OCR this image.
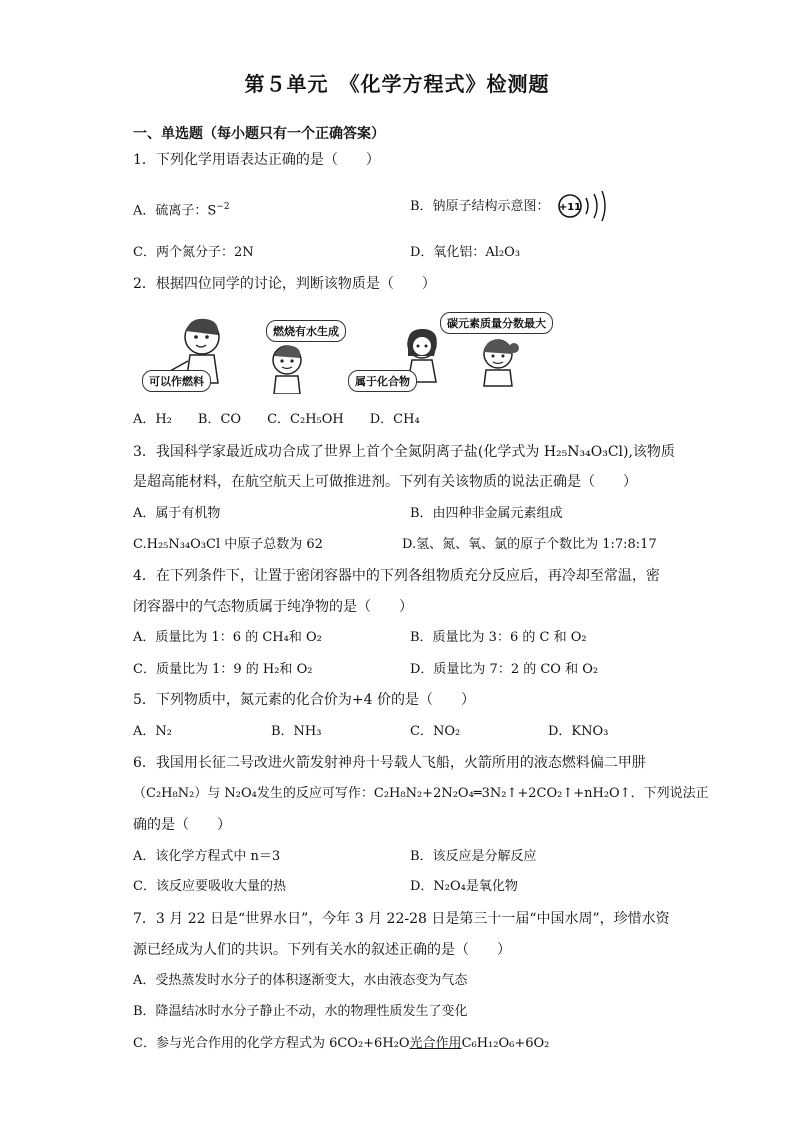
第５单元　《化学方程式》检测题
一、单选题（每小题只有一个正确答案）
1．下列化学用语表达正确的是（　　）
A．硫离子：$S^{-2}$	B．钠原子结构示意图： +11
C．两个氮分子：2N	D．氧化铝：Al₂O₃
2．根据四位同学的讨论，判断该物质是（　　）
可以作燃料
燃烧有水生成
属于化合物
碳元素质量分数最大
A．H₂　　B．CO　　C．C₂H₅OH　　D．CH₄
3．我国科学家最近成功合成了世界上首个全氮阴离子盐(化学式为 H₂₅N₃₄O₃Cl),该物质
是超高能材料，在航空航天上可做推进剂。下列有关该物质的说法正确是（　　）
A．属于有机物	B．由四种非金属元素组成
C.H₂₅N₃₄O₃Cl 中原子总数为 62	D.氢、氮、氧、氯的原子个数比为 1:7:8:17
4．在下列条件下，让置于密闭容器中的下列各组物质充分反应后，再冷却至常温，密
闭容器中的气态物质属于纯净物的是（　　）
A．质量比为 1：6 的 CH₄和 O₂	B．质量比为 3：6 的 C 和 O₂
C．质量比为 1：9 的 H₂和 O₂	D．质量比为 7：2 的 CO 和 O₂
5．下列物质中，氮元素的化合价为+4 价的是（　　）
A．N₂	B．NH₃	C．NO₂	D．KNO₃
6．我国用长征二号改进火箭发射神舟十号载人飞船，火箭所用的液态燃料偏二甲肼
（C₂H₈N₂）与 N₂O₄发生的反应可写作：C₂H₈N₂+2N₂O₄═3N₂↑+2CO₂↑+nH₂O↑．下列说法正
确的是（　　）
A．该化学方程式中 n＝3	B．该反应是分解反应
C．该反应要吸收大量的热	D．N₂O₄是氧化物
7．3 月 22 日是“世界水日”，今年 3 月 22-28 日是第三十一届“中国水周”，珍惜水资
源已经成为人们的共识。下列有关水的叙述正确的是（　　）
A．受热蒸发时水分子的体积逐渐变大，水由液态变为气态
B．降温结冰时水分子静止不动，水的物理性质发生了变化
C．参与光合作用的化学方程式为 6CO₂+6H₂O光合作用C₆H₁₂O₆+6O₂
